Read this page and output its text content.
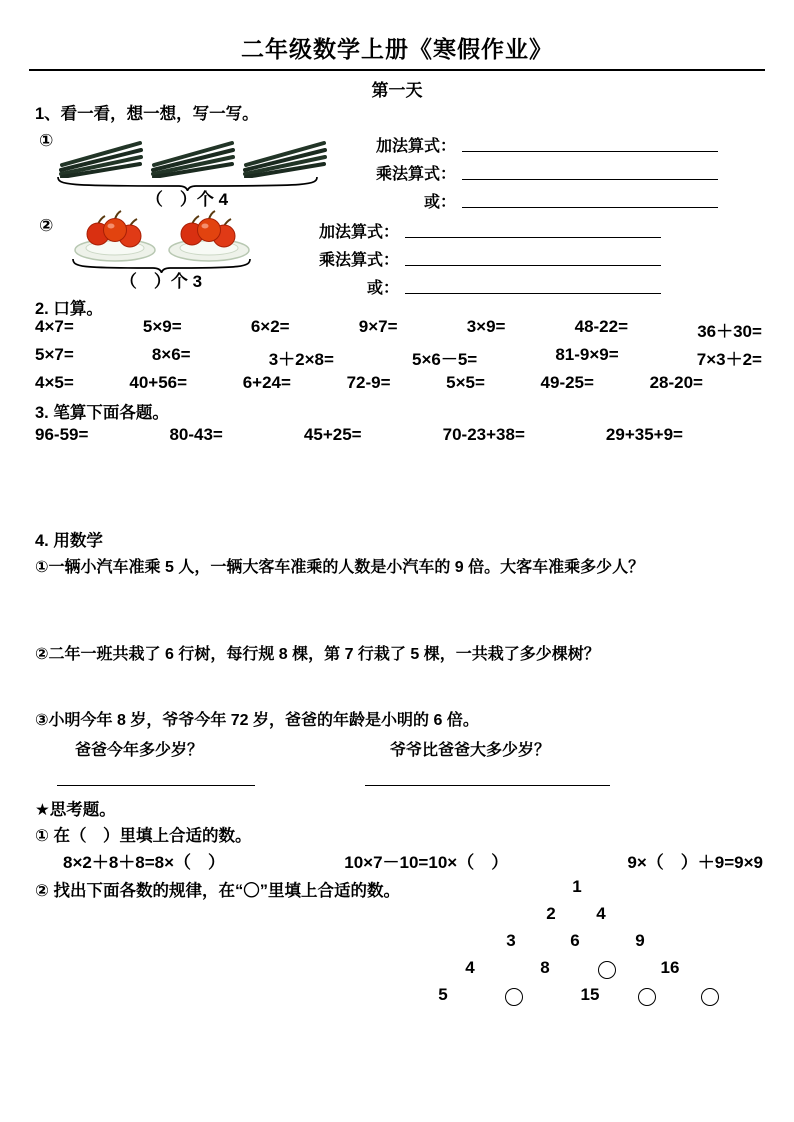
二年级数学上册《寒假作业》
第一天
1、看一看，想一想，写一写。
①
（　）个 4
②
（　）个 3
加法算式：
乘法算式：
或：
加法算式：
乘法算式：
或：
2. 口算。
4×7=	5×9=	6×2=	9×7=	3×9=	48-22=	36＋30=
5×7=	8×6=	3＋2×8=	5×6－5=	81-9×9=	7×3＋2=
4×5=	40+56=	6+24=	72-9=	5×5=	49-25=	28-20=
3. 笔算下面各题。
96-59=	80-43=	45+25=	70-23+38=	29+35+9=
4. 用数学
①一辆小汽车准乘 5 人，一辆大客车准乘的人数是小汽车的 9 倍。大客车准乘多少人？
②二年一班共栽了 6 行树，每行规 8 棵，第 7 行栽了 5 棵，一共栽了多少棵树？
③小明今年 8 岁，爷爷今年 72 岁，爸爸的年龄是小明的 6 倍。
爸爸今年多少岁？	爷爷比爸爸大多少岁？
★思考题。
① 在（　）里填上合适的数。
8×2＋8＋8=8×（　）	10×7－10=10×（　）	9×（　）＋9=9×9
② 找出下面各数的规律，在“〇”里填上合适的数。	1
2	4
3	6	9
4	8	16
5	15
